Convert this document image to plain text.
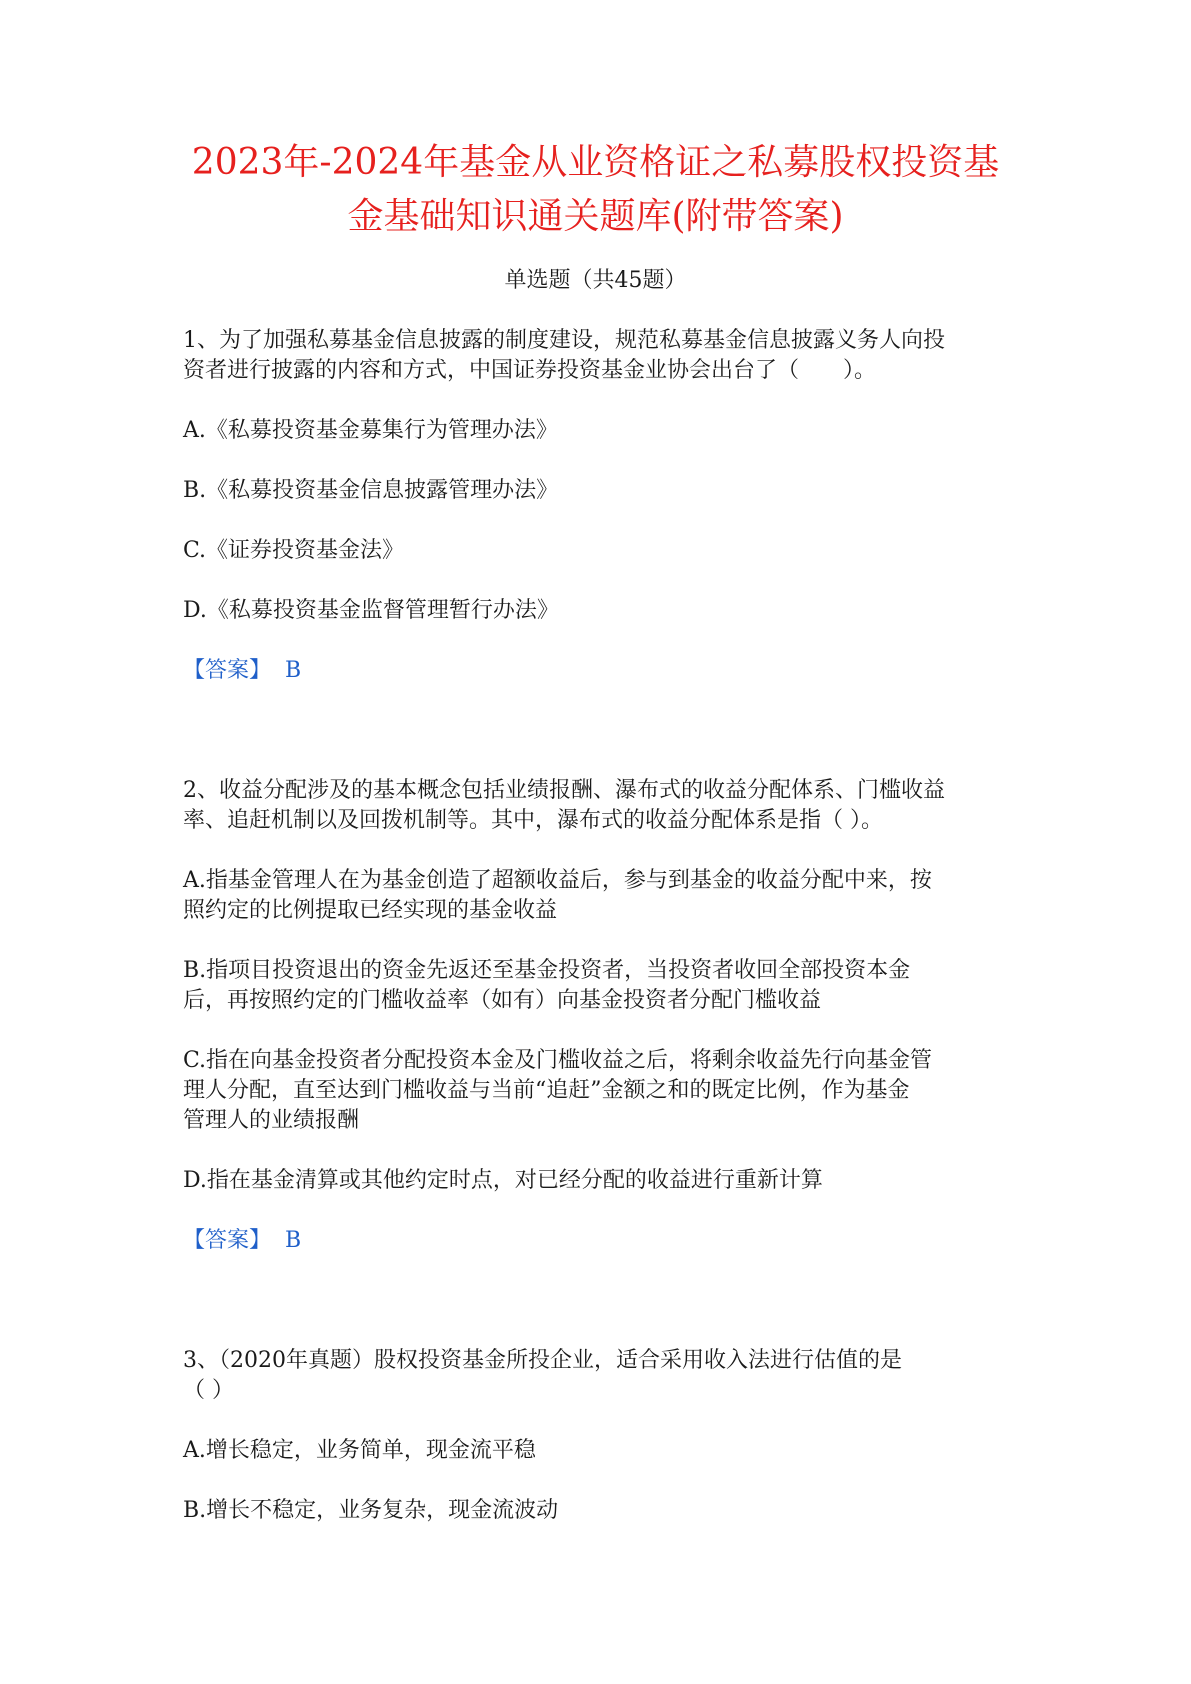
2023年-2024年基金从业资格证之私募股权投资基
金基础知识通关题库(附带答案)
单选题（共45题）
1、为了加强私募基金信息披露的制度建设，规范私募基金信息披露义务人向投
资者进行披露的内容和方式，中国证券投资基金业协会出台了（　　）。
A.《私募投资基金募集行为管理办法》
B.《私募投资基金信息披露管理办法》
C.《证券投资基金法》
D.《私募投资基金监督管理暂行办法》
【答案】 B
2、收益分配涉及的基本概念包括业绩报酬、瀑布式的收益分配体系、门槛收益
率、追赶机制以及回拨机制等。其中，瀑布式的收益分配体系是指（ ）。
A.指基金管理人在为基金创造了超额收益后，参与到基金的收益分配中来，按
照约定的比例提取已经实现的基金收益
B.指项目投资退出的资金先返还至基金投资者，当投资者收回全部投资本金
后，再按照约定的门槛收益率（如有）向基金投资者分配门槛收益
C.指在向基金投资者分配投资本金及门槛收益之后，将剩余收益先行向基金管
理人分配，直至达到门槛收益与当前“追赶”金额之和的既定比例，作为基金
管理人的业绩报酬
D.指在基金清算或其他约定时点，对已经分配的收益进行重新计算
【答案】 B
3、（2020年真题）股权投资基金所投企业，适合采用收入法进行估值的是
（ ）
A.增长稳定，业务简单，现金流平稳
B.增长不稳定，业务复杂，现金流波动
